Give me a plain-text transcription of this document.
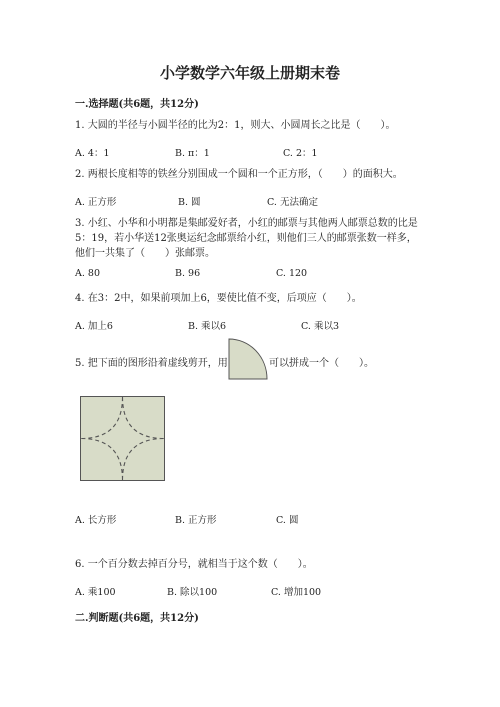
小学数学六年级上册期末卷
一.选择题(共6题，共12分)
1. 大圆的半径与小圆半径的比为2：1，则大、小圆周长之比是（　　）。
A. 4：1	B. π：1	C. 2：1
2. 两根长度相等的铁丝分别围成一个圆和一个正方形，（　　）的面积大。
A. 正方形	B. 圆	C. 无法确定
3. 小红、小华和小明都是集邮爱好者，小红的邮票与其他两人邮票总数的比是
5：19，若小华送12张奥运纪念邮票给小红，则他们三人的邮票张数一样多，
他们一共集了（　　）张邮票。
A. 80	B. 96	C. 120
4. 在3：2中，如果前项加上6，要使比值不变，后项应（　　）。
A. 加上6	B. 乘以6	C. 乘以3
5. 把下面的图形沿着虚线剪开，用	可以拼成一个（　　）。
A. 长方形	B. 正方形	C. 圆
6. 一个百分数去掉百分号，就相当于这个数（　　）。
A. 乘100	B. 除以100	C. 增加100
二.判断题(共6题，共12分)
